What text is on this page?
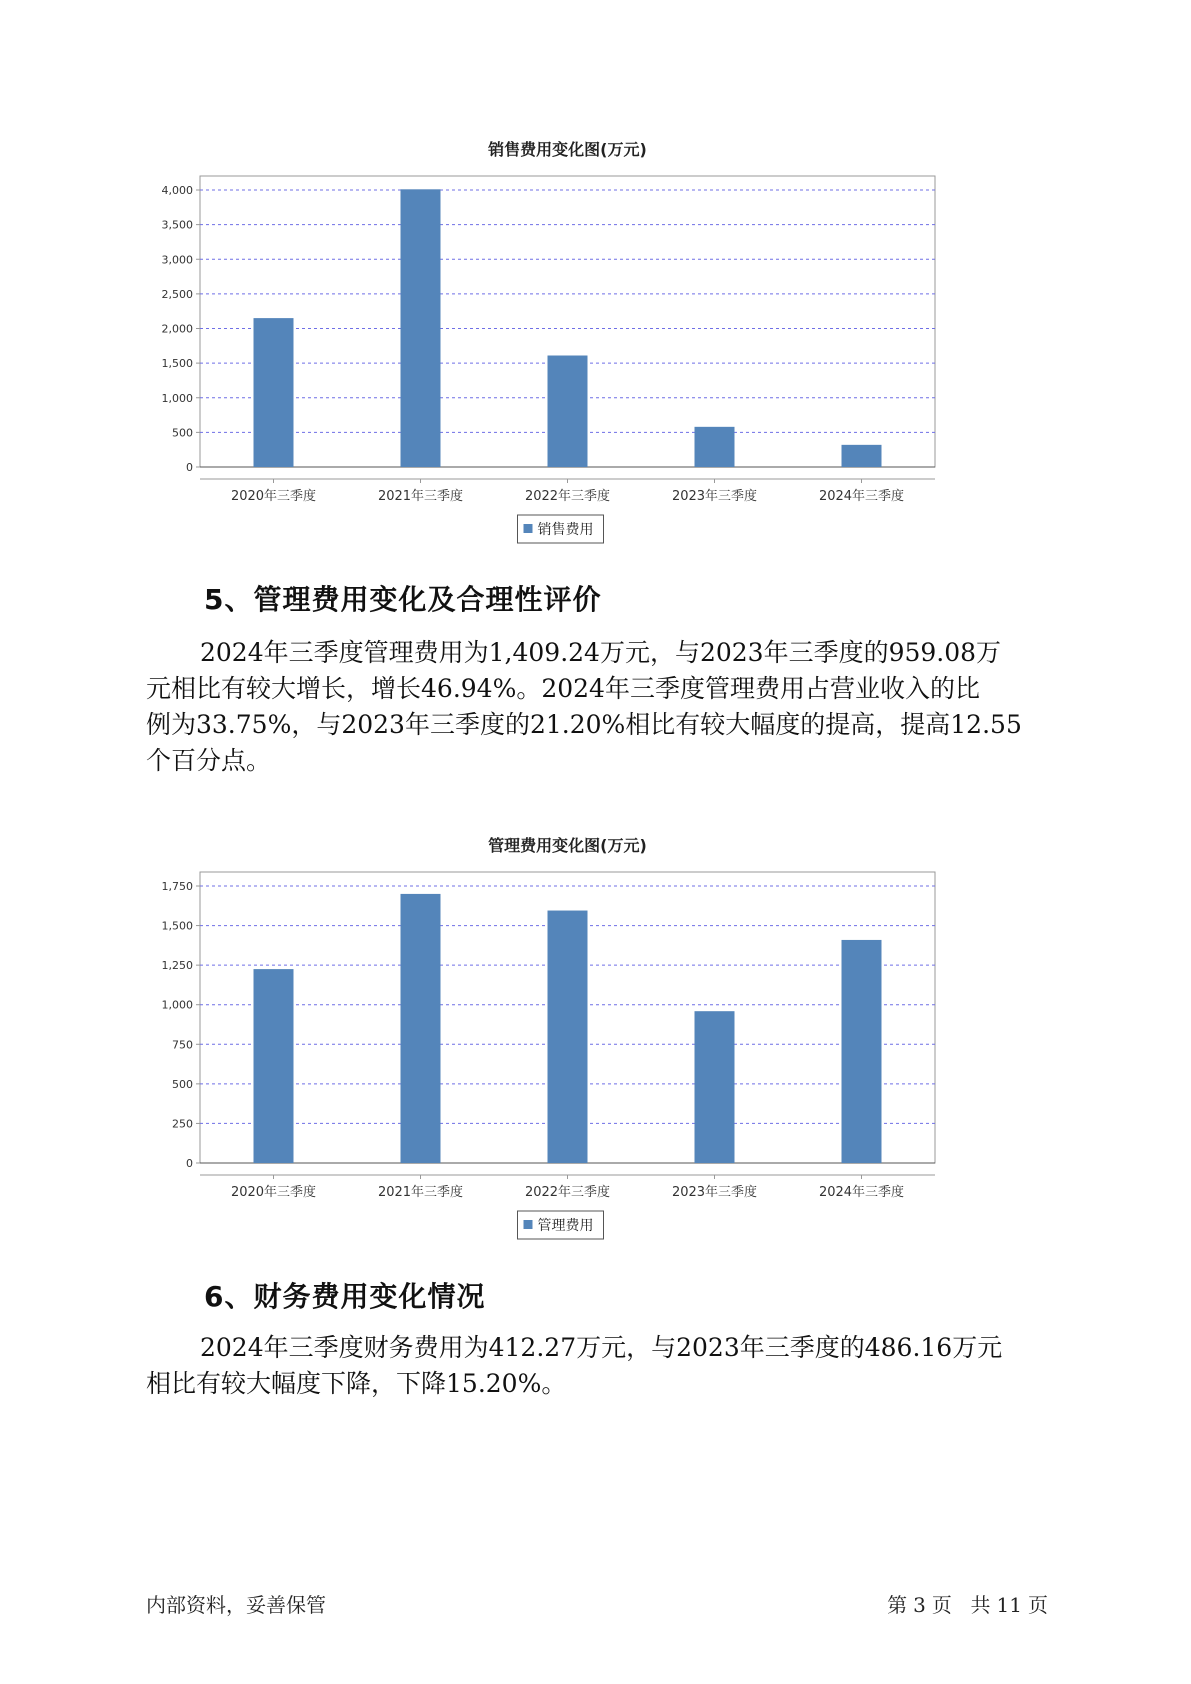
销售费用变化图(万元)
0
500
1,000
1,500
2,000
2,500
3,000
3,500
4,000
2020年三季度	2021年三季度	2022年三季度	2023年三季度	2024年三季度
销售费用
5、管理费用变化及合理性评价

2024年三季度管理费用为1,409.24万元，与2023年三季度的959.08万
元相比有较大增长，增长46.94%。2024年三季度管理费用占营业收入的比
例为33.75%，与2023年三季度的21.20%相比有较大幅度的提高，提高12.55
个百分点。

管理费用变化图(万元)
0
250
500
750
1,000
1,250
1,500
1,750
2020年三季度	2021年三季度	2022年三季度	2023年三季度	2024年三季度
管理费用
6、财务费用变化情况

2024年三季度财务费用为412.27万元，与2023年三季度的486.16万元
相比有较大幅度下降，下降15.20%。

内部资料，妥善保管	第 3 页 共 11 页
